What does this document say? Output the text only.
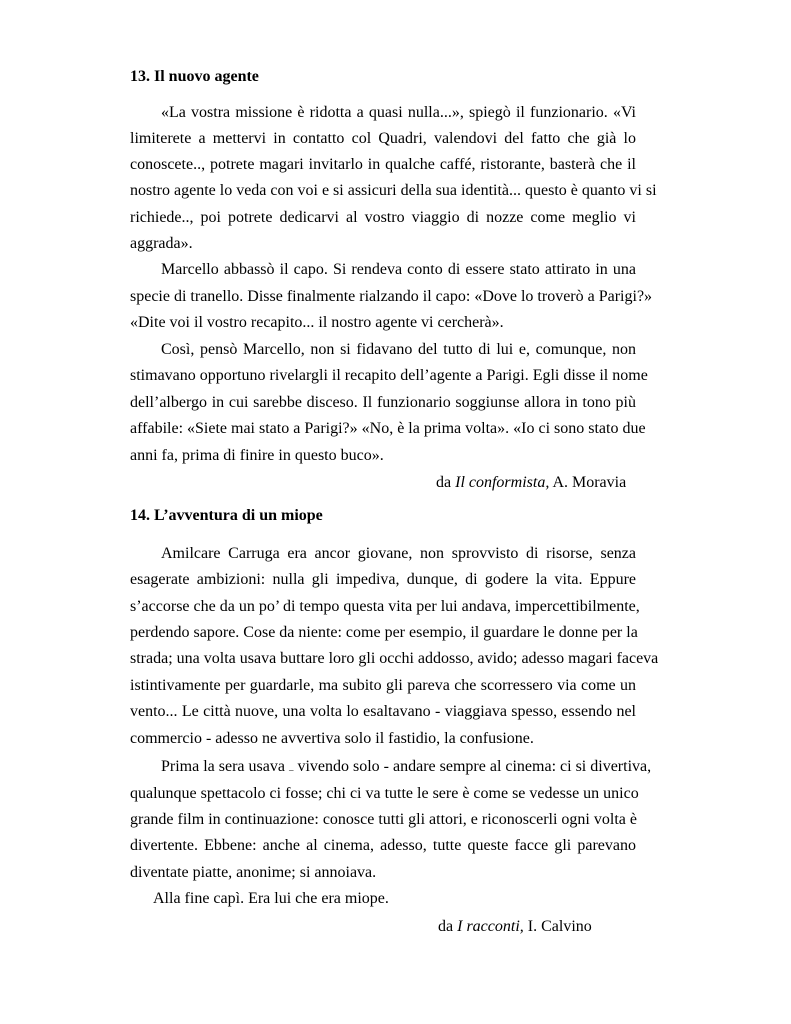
13. Il nuovo agente
«La vostra missione è ridotta a quasi nulla...», spiegò il funzionario. «Vi
limiterete a mettervi in contatto col Quadri, valendovi del fatto che già lo
conoscete.., potrete magari invitarlo in qualche caffé, ristorante, basterà che il
nostro agente lo veda con voi e si assicuri della sua identità... questo è quanto vi si
richiede.., poi potrete dedicarvi al vostro viaggio di nozze come meglio vi
aggrada».
Marcello abbassò il capo. Si rendeva conto di essere stato attirato in una
specie di tranello. Disse finalmente rialzando il capo: «Dove lo troverò a Parigi?»
«Dite voi il vostro recapito... il nostro agente vi cercherà».
Così, pensò Marcello, non si fidavano del tutto di lui e, comunque, non
stimavano opportuno rivelargli il recapito dell’agente a Parigi. Egli disse il nome
dell’albergo in cui sarebbe disceso. Il funzionario soggiunse allora in tono più
affabile: «Siete mai stato a Parigi?» «No, è la prima volta». «Io ci sono stato due
anni fa, prima di finire in questo buco».
da Il conformista, A. Moravia
14. L’avventura di un miope
Amilcare Carruga era ancor giovane, non sprovvisto di risorse, senza
esagerate ambizioni: nulla gli impediva, dunque, di godere la vita. Eppure
s’accorse che da un po’ di tempo questa vita per lui andava, impercettibilmente,
perdendo sapore. Cose da niente: come per esempio, il guardare le donne per la
strada; una volta usava buttare loro gli occhi addosso, avido; adesso magari faceva
istintivamente per guardarle, ma subito gli pareva che scorressero via come un
vento... Le città nuove, una volta lo esaltavano - viaggiava spesso, essendo nel
commercio - adesso ne avvertiva solo il fastidio, la confusione.
Prima la sera usava – vivendo solo - andare sempre al cinema: ci si divertiva,
qualunque spettacolo ci fosse; chi ci va tutte le sere è come se vedesse un unico
grande film in continuazione: conosce tutti gli attori, e riconoscerli ogni volta è
divertente. Ebbene: anche al cinema, adesso, tutte queste facce gli parevano
diventate piatte, anonime; si annoiava.
Alla fine capì. Era lui che era miope.
da I racconti, I. Calvino
